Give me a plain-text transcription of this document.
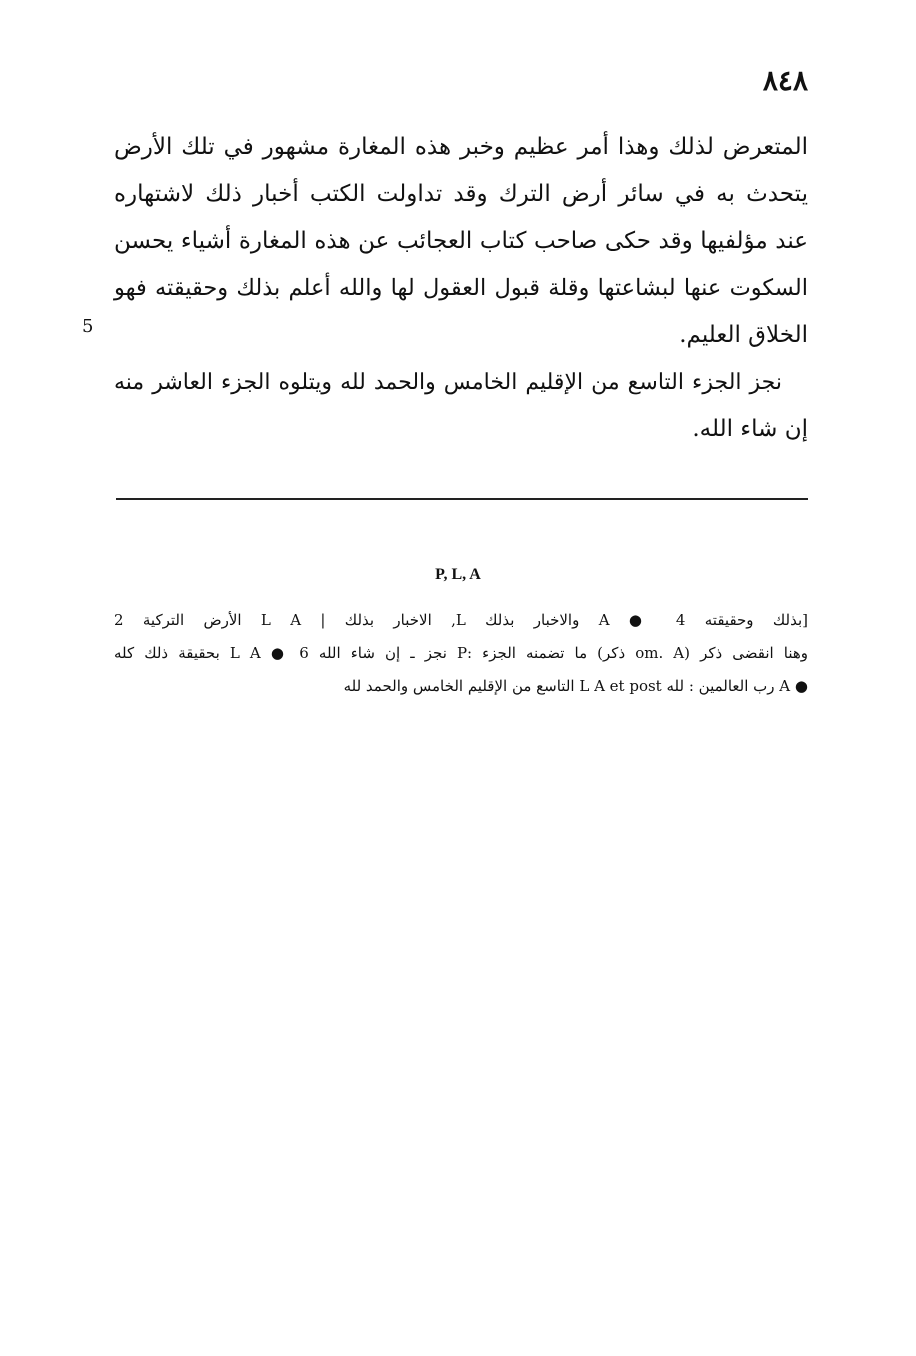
٨٤٨
المتعرض لذلك وهذا أمر عظيم وخبر هذه المغارة مشهور في تلك الأرض
يتحدث به في سائر أرض الترك وقد تداولت الكتب أخبار ذلك لاشتهاره
عند مؤلفيها وقد حكى صاحب كتاب العجائب عن هذه المغارة أشياء يحسن
السكوت عنها لبشاعتها وقلة قبول العقول لها والله أعلم بذلك وحقيقته فهو
الخلاق العليم.
نجز الجزء التاسع من الإقليم الخامس والحمد لله ويتلوه الجزء العاشر منه
إن شاء الله.
5
P, L, A
[بذلك وحقيقته 4 ● A والاخبار بذلك L, الاخبار بذلك | L A الأرض التركية 2
وهنا انقضى ذكر (om. A ذكر) ما تضمنه الجزء :P نجز ـ إن شاء الله 6 ● L A بحقيقة ذلك كله
● A رب العالمين : لله L A et post التاسع من الإقليم الخامس والحمد لله
